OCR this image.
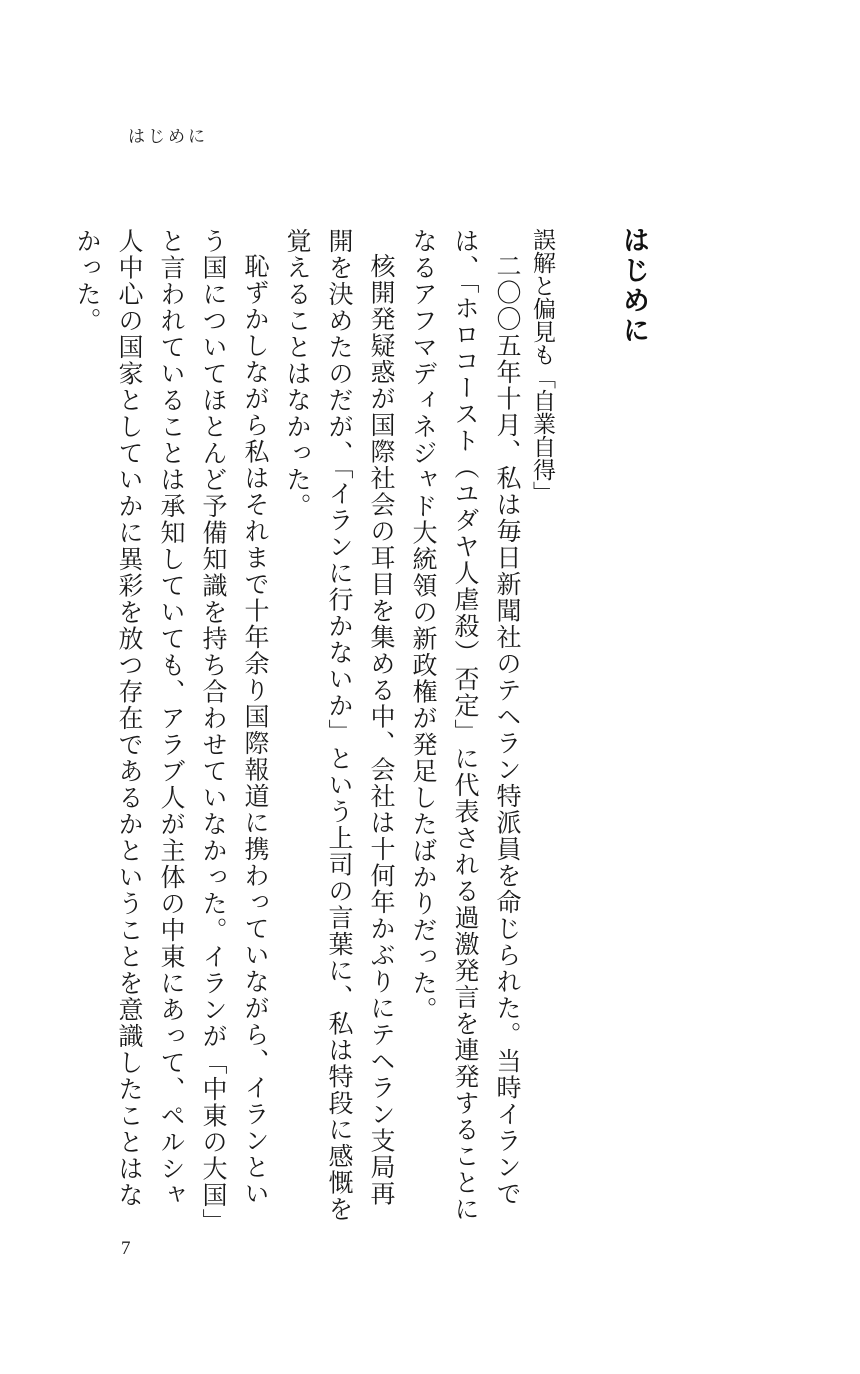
はじめに
はじめに
誤解と偏見も「自業自得」

二〇〇五年十月、私は毎日新聞社のテヘラン特派員を命じられた。当時イランでは、「ホロコースト（ユダヤ人虐殺）否定」に代表される過激発言を連発することになるアフマディネジャド大統領の新政権が発足したばかりだった。

核開発疑惑が国際社会の耳目を集める中、会社は十何年かぶりにテヘラン支局再開を決めたのだが、「イランに行かないか」という上司の言葉に、私は特段に感慨を覚えることはなかった。

恥ずかしながら私はそれまで十年余り国際報道に携わっていながら、イランという国についてほとんど予備知識を持ち合わせていなかった。イランが「中東の大国」と言われていることは承知していても、アラブ人が主体の中東にあって、ペルシャ人中心の国家としていかに異彩を放つ存在であるかということを意識したことはなかった。

7
